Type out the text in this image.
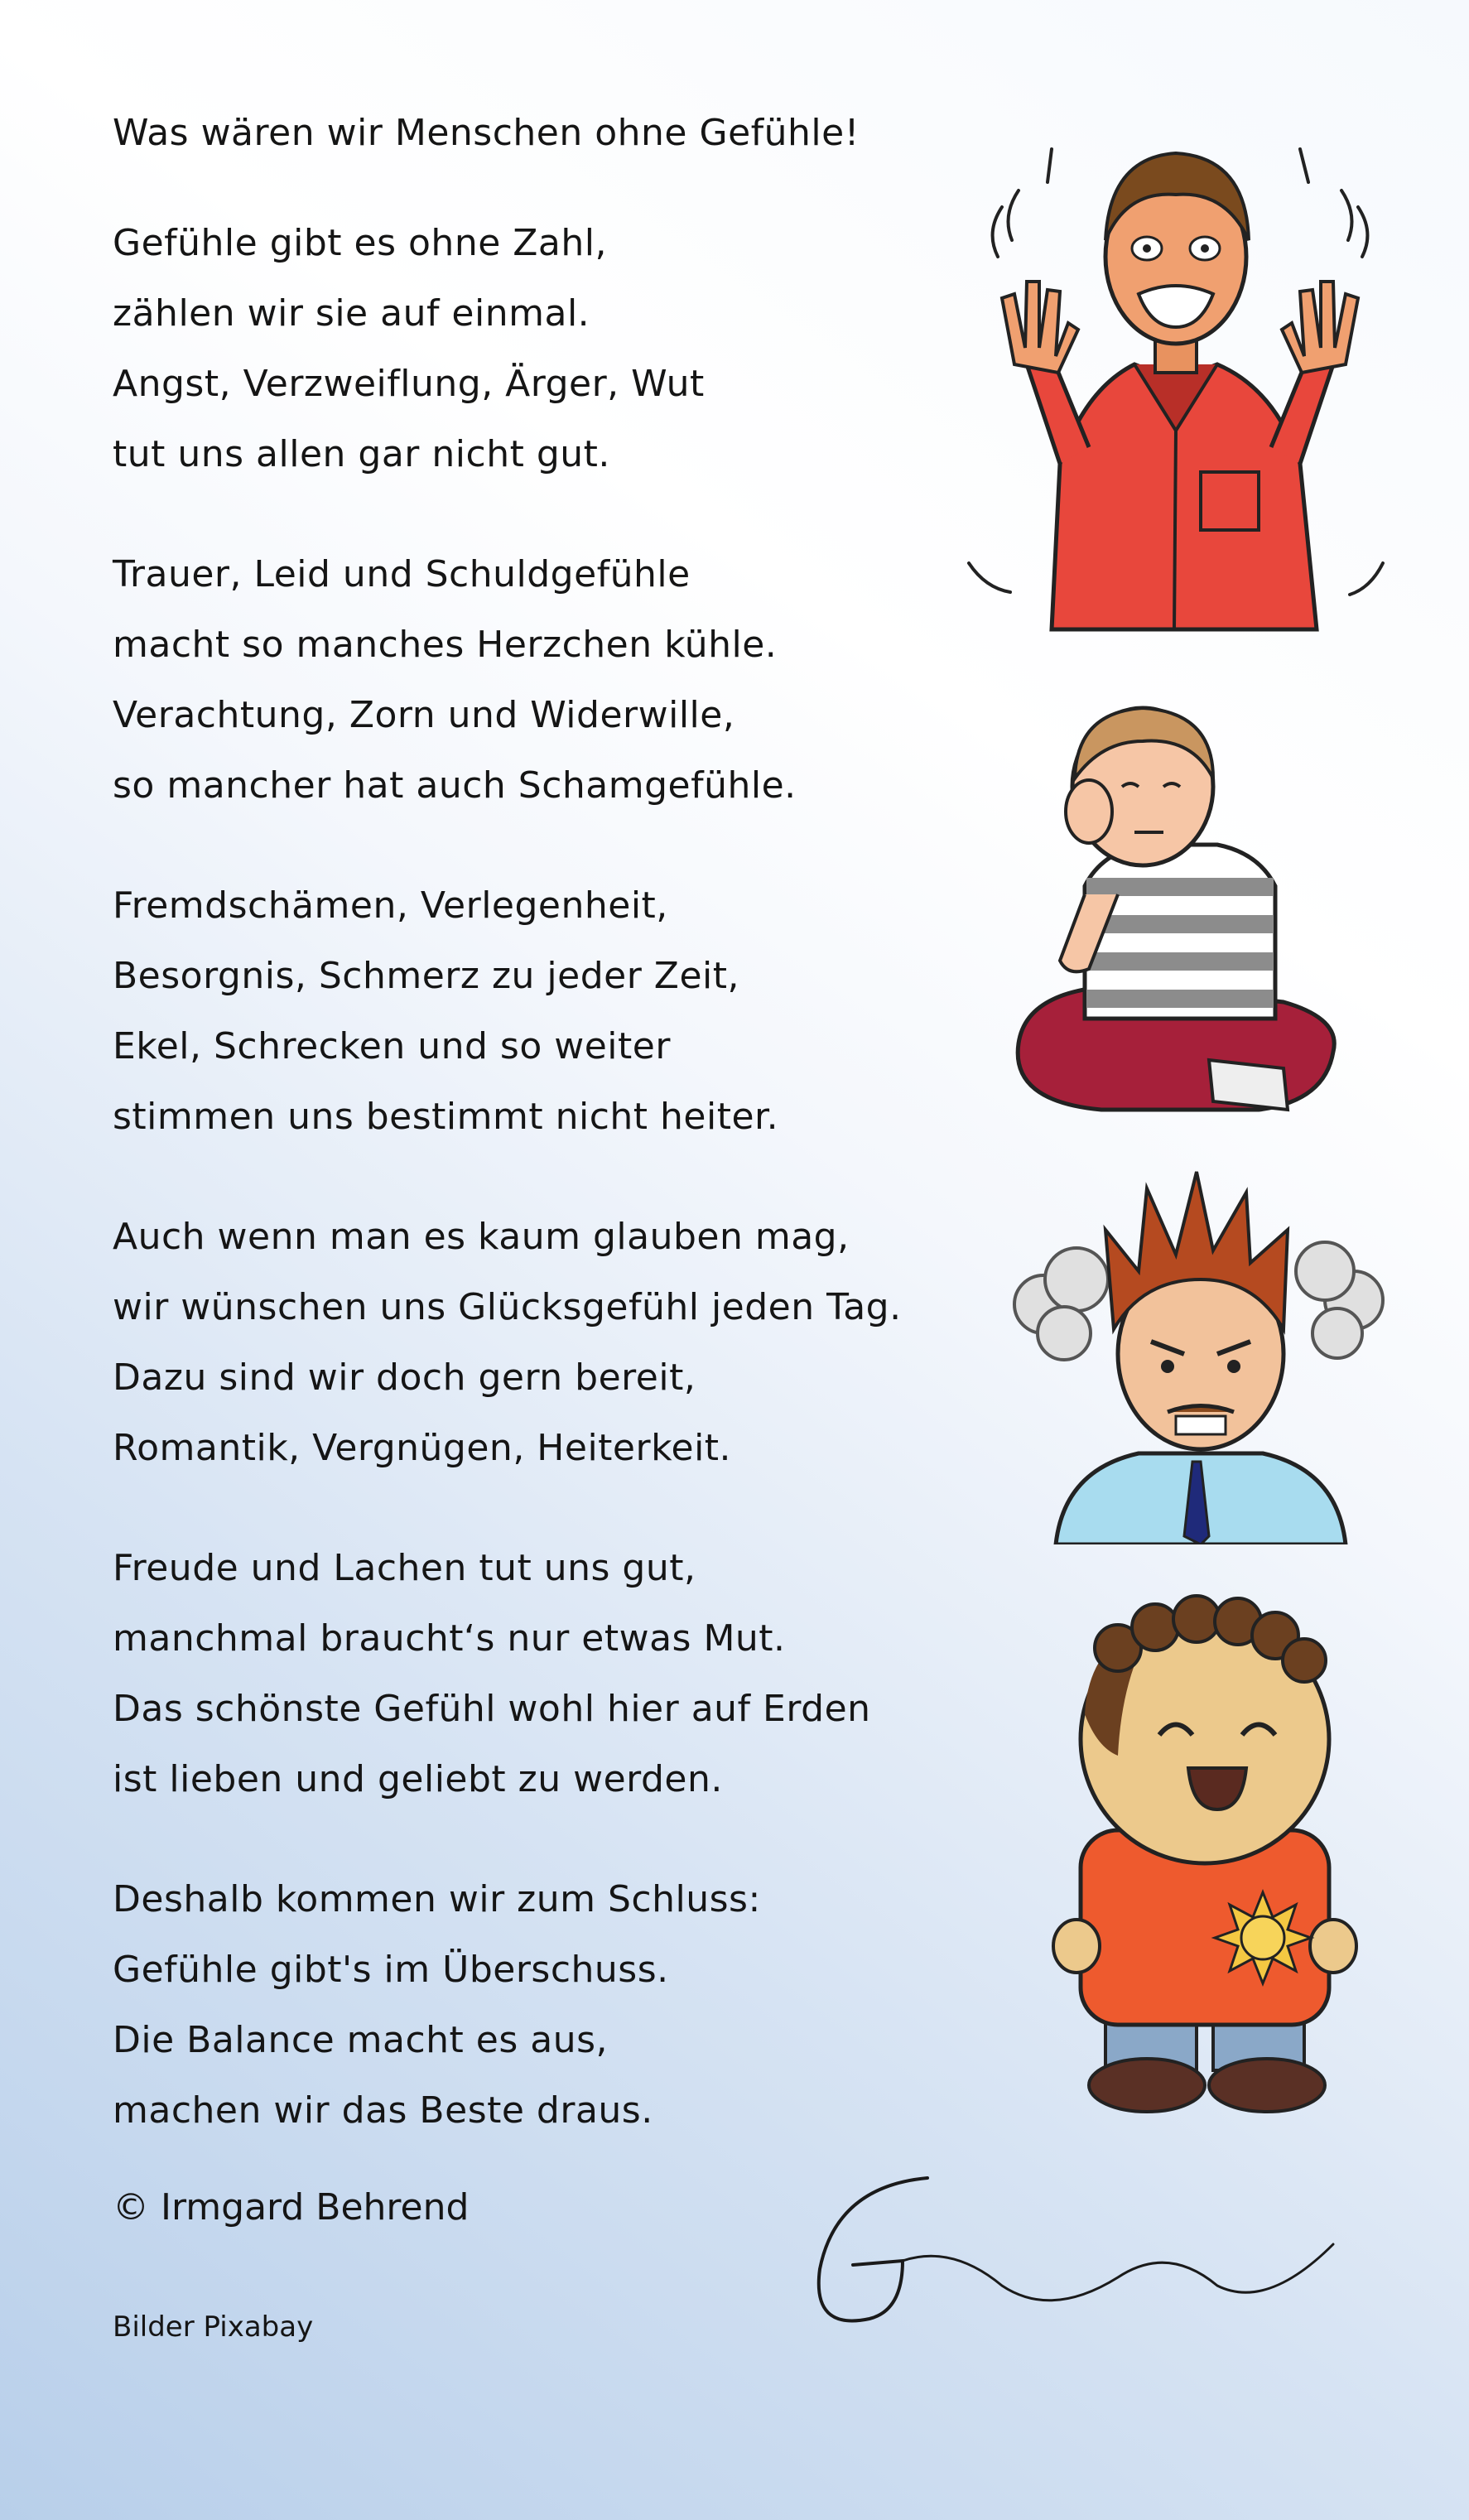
Was wären wir Menschen ohne Gefühle!
Gefühle gibt es ohne Zahl,
zählen wir sie auf einmal.
Angst, Verzweiflung, Ärger, Wut
tut uns allen gar nicht gut.
Trauer, Leid und Schuldgefühle
macht so manches Herzchen kühle.
Verachtung, Zorn und Widerwille,
so mancher hat auch Schamgefühle.
Fremdschämen, Verlegenheit,
Besorgnis, Schmerz zu jeder Zeit,
Ekel, Schrecken und so weiter
stimmen uns bestimmt nicht heiter.
Auch wenn man es kaum glauben mag,
wir wünschen uns Glücksgefühl jeden Tag.
Dazu sind wir doch gern bereit,
Romantik, Vergnügen, Heiterkeit.
Freude und Lachen tut uns gut,
manchmal braucht‘s nur etwas Mut.
Das schönste Gefühl wohl hier auf Erden
ist lieben und geliebt zu werden.
Deshalb kommen wir zum Schluss:
Gefühle gibt's im Überschuss.
Die Balance macht es aus,
machen wir das Beste draus.
© Irmgard Behrend
Bilder Pixabay
